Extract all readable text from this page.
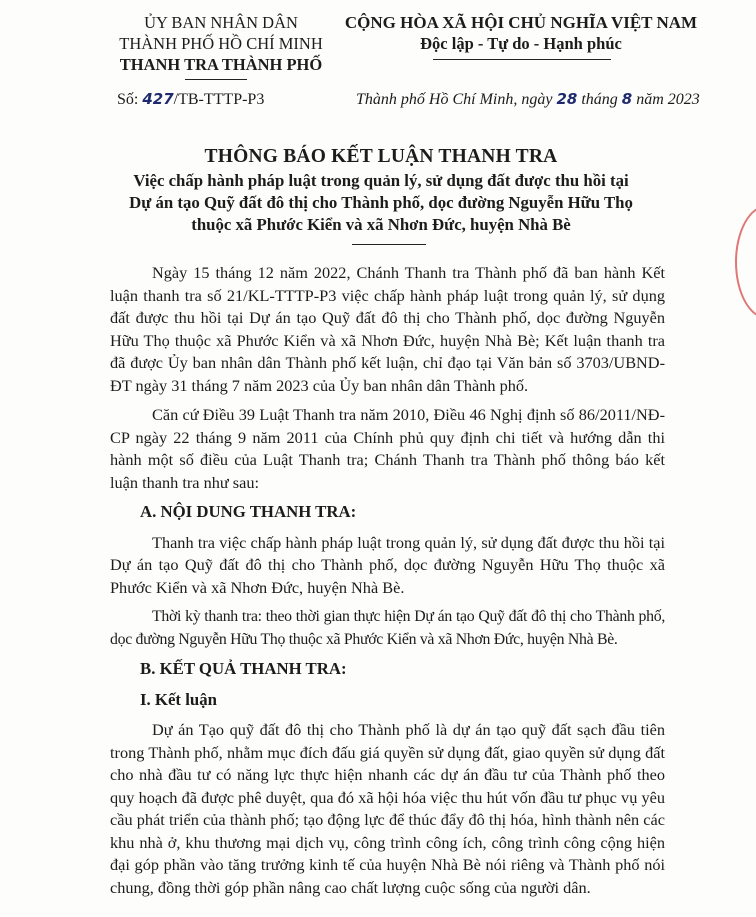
ỦY BAN NHÂN DÂN
THÀNH PHỐ HỒ CHÍ MINH
THANH TRA THÀNH PHỐ
CỘNG HÒA XÃ HỘI CHỦ NGHĨA VIỆT NAM
Độc lập - Tự do - Hạnh phúc
Số: 427/TB-TTTP-P3	Thành phố Hồ Chí Minh, ngày 28 tháng 8 năm 2023
THÔNG BÁO KẾT LUẬN THANH TRA
Việc chấp hành pháp luật trong quản lý, sử dụng đất được thu hồi tại
Dự án tạo Quỹ đất đô thị cho Thành phố, dọc đường Nguyễn Hữu Thọ
thuộc xã Phước Kiển và xã Nhơn Đức, huyện Nhà Bè

Ngày 15 tháng 12 năm 2022, Chánh Thanh tra Thành phố đã ban hành Kết luận thanh tra số 21/KL-TTTP-P3 việc chấp hành pháp luật trong quản lý, sử dụng đất được thu hồi tại Dự án tạo Quỹ đất đô thị cho Thành phố, dọc đường Nguyễn Hữu Thọ thuộc xã Phước Kiển và xã Nhơn Đức, huyện Nhà Bè; Kết luận thanh tra đã được Ủy ban nhân dân Thành phố kết luận, chỉ đạo tại Văn bản số 3703/UBND-ĐT ngày 31 tháng 7 năm 2023 của Ủy ban nhân dân Thành phố.

Căn cứ Điều 39 Luật Thanh tra năm 2010, Điều 46 Nghị định số 86/2011/NĐ-CP ngày 22 tháng 9 năm 2011 của Chính phủ quy định chi tiết và hướng dẫn thi hành một số điều của Luật Thanh tra; Chánh Thanh tra Thành phố thông báo kết luận thanh tra như sau:

A. NỘI DUNG THANH TRA:

Thanh tra việc chấp hành pháp luật trong quản lý, sử dụng đất được thu hồi tại Dự án tạo Quỹ đất đô thị cho Thành phố, dọc đường Nguyễn Hữu Thọ thuộc xã Phước Kiển và xã Nhơn Đức, huyện Nhà Bè.

Thời kỳ thanh tra: theo thời gian thực hiện Dự án tạo Quỹ đất đô thị cho Thành phố, dọc đường Nguyễn Hữu Thọ thuộc xã Phước Kiển và xã Nhơn Đức, huyện Nhà Bè.

B. KẾT QUẢ THANH TRA:
I. Kết luận

Dự án Tạo quỹ đất đô thị cho Thành phố là dự án tạo quỹ đất sạch đầu tiên trong Thành phố, nhằm mục đích đấu giá quyền sử dụng đất, giao quyền sử dụng đất cho nhà đầu tư có năng lực thực hiện nhanh các dự án đầu tư của Thành phố theo quy hoạch đã được phê duyệt, qua đó xã hội hóa việc thu hút vốn đầu tư phục vụ yêu cầu phát triển của thành phố; tạo động lực để thúc đẩy đô thị hóa, hình thành nên các khu nhà ở, khu thương mại dịch vụ, công trình công ích, công trình công cộng hiện đại góp phần vào tăng trưởng kinh tế của huyện Nhà Bè nói riêng và Thành phố nói chung, đồng thời góp phần nâng cao chất lượng cuộc sống của người dân.
